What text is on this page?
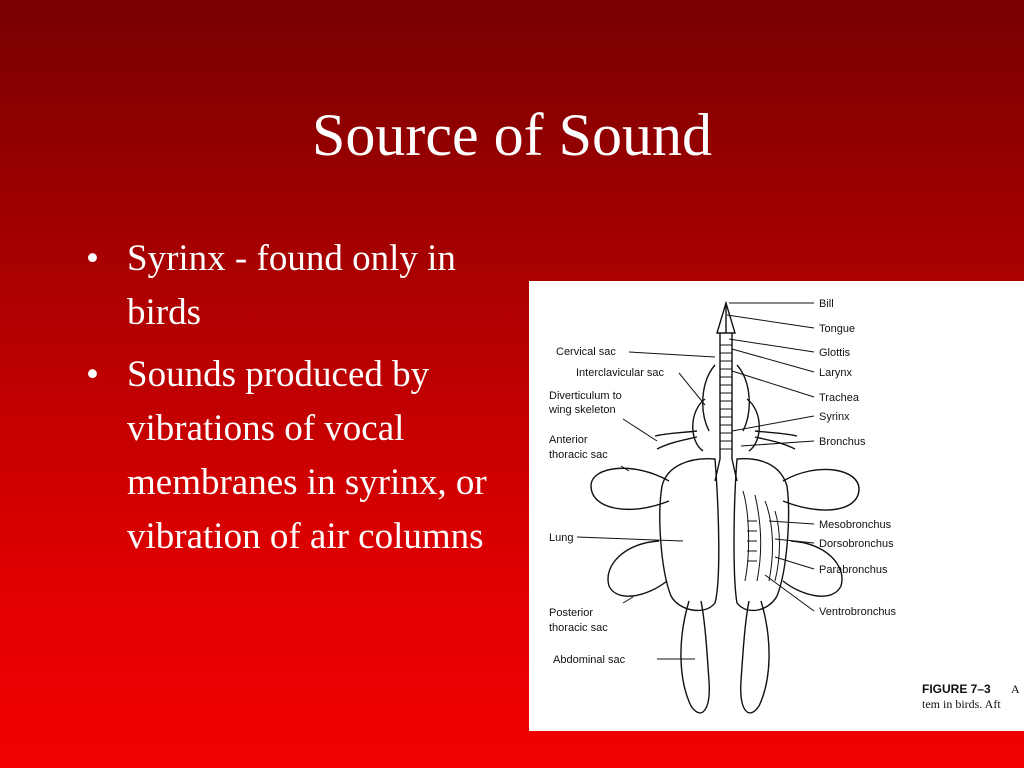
Source of Sound
• Syrinx - found only in birds
• Sounds produced by vibrations of vocal membranes in syrinx, or vibration of air columns
Cervical sac
Interclavicular sac
Diverticulum to
wing skeleton
Anterior
thoracic sac
Lung
Posterior
thoracic sac
Abdominal sac
Bill
Tongue
Glottis
Larynx
Trachea
Syrinx
Bronchus
Mesobronchus
Dorsobronchus
Parabronchus
Ventrobronchus
FIGURE 7–3 A
tem in birds. Aft
